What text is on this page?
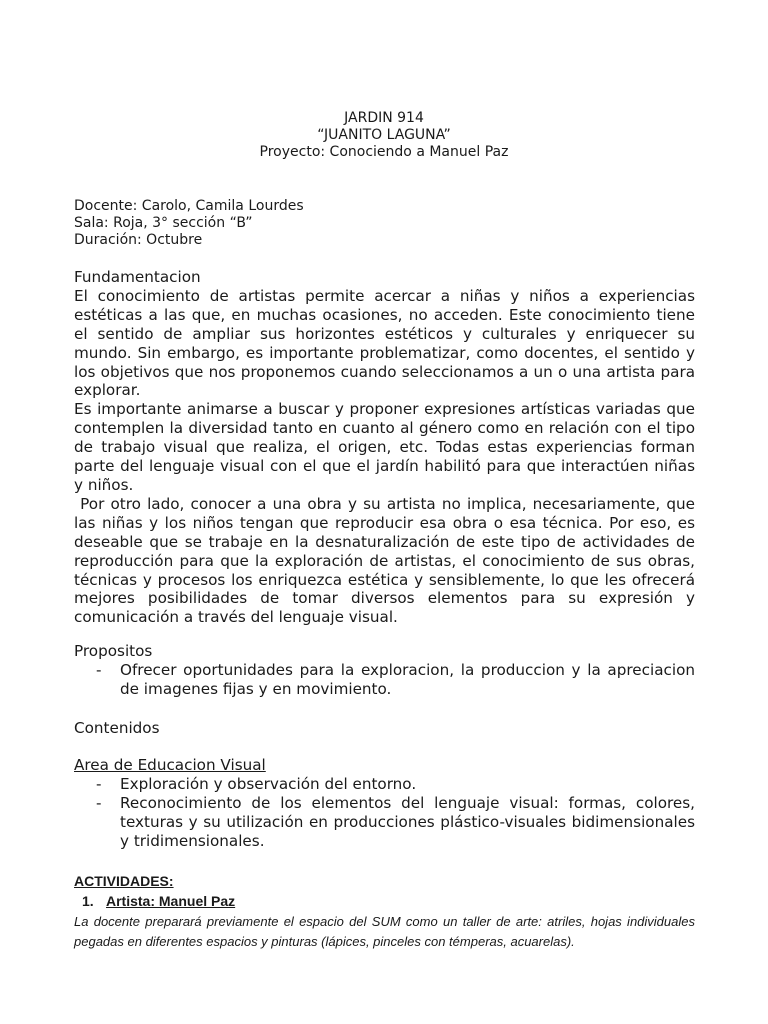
JARDIN 914
“JUANITO LAGUNA”
Proyecto: Conociendo a Manuel Paz
Docente: Carolo, Camila Lourdes
Sala: Roja, 3° sección “B”
Duración: Octubre

Fundamentacion

El conocimiento de artistas permite acercar a niñas y niños a experiencias estéticas a las que, en muchas ocasiones, no acceden. Este conocimiento tiene el sentido de ampliar sus horizontes estéticos y culturales y enriquecer su mundo. Sin embargo, es importante problematizar, como docentes, el sentido y los objetivos que nos proponemos cuando seleccionamos a un o una artista para explorar.

Es importante animarse a buscar y proponer expresiones artísticas variadas que contemplen la diversidad tanto en cuanto al género como en relación con el tipo de trabajo visual que realiza, el origen, etc. Todas estas experiencias forman parte del lenguaje visual con el que el jardín habilitó para que interactúen niñas y niños.

Por otro lado, conocer a una obra y su artista no implica, necesariamente, que las niñas y los niños tengan que reproducir esa obra o esa técnica. Por eso, es deseable que se trabaje en la desnaturalización de este tipo de actividades de reproducción para que la exploración de artistas, el conocimiento de sus obras, técnicas y procesos los enriquezca estética y sensiblemente, lo que les ofrecerá mejores posibilidades de tomar diversos elementos para su expresión y comunicación a través del lenguaje visual.

Propositos

- Ofrecer oportunidades para la exploracion, la produccion y la apreciacion de imagenes fijas y en movimiento.

Contenidos

Area de Educacion Visual

- Exploración y observación del entorno.
- Reconocimiento de los elementos del lenguaje visual: formas, colores, texturas y su utilización en producciones plástico-visuales bidimensionales y tridimensionales.

ACTIVIDADES:

1. Artista: Manuel Paz

La docente preparará previamente el espacio del SUM como un taller de arte: atriles, hojas individuales pegadas en diferentes espacios y pinturas (lápices, pinceles con témperas, acuarelas).
